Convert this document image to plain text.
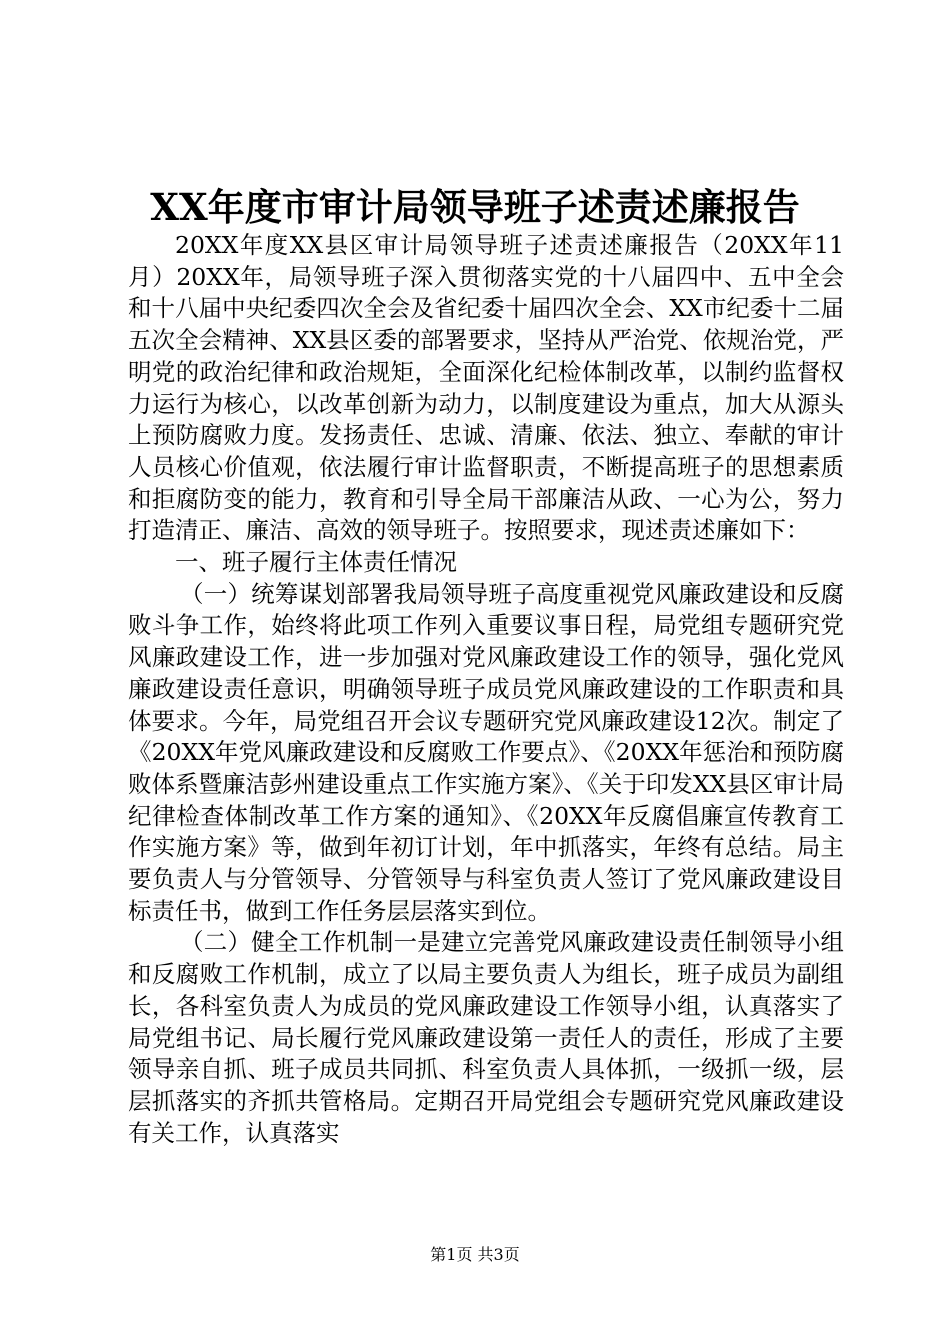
XX年度市审计局领导班子述责述廉报告

20XX年度XX县区审计局领导班子述责述廉报告（20XX年11月）20XX年，局领导班子深入贯彻落实党的十八届四中、五中全会和十八届中央纪委四次全会及省纪委十届四次全会、XX市纪委十二届五次全会精神、XX县区委的部署要求，坚持从严治党、依规治党，严明党的政治纪律和政治规矩，全面深化纪检体制改革，以制约监督权力运行为核心，以改革创新为动力，以制度建设为重点，加大从源头上预防腐败力度。发扬责任、忠诚、清廉、依法、独立、奉献的审计人员核心价值观，依法履行审计监督职责，不断提高班子的思想素质和拒腐防变的能力，教育和引导全局干部廉洁从政、一心为公，努力打造清正、廉洁、高效的领导班子。按照要求，现述责述廉如下：

一、班子履行主体责任情况

（一）统筹谋划部署我局领导班子高度重视党风廉政建设和反腐败斗争工作，始终将此项工作列入重要议事日程，局党组专题研究党风廉政建设工作，进一步加强对党风廉政建设工作的领导，强化党风廉政建设责任意识，明确领导班子成员党风廉政建设的工作职责和具体要求。今年，局党组召开会议专题研究党风廉政建设12次。制定了《20XX年党风廉政建设和反腐败工作要点》、《20XX年惩治和预防腐败体系暨廉洁彭州建设重点工作实施方案》、《关于印发XX县区审计局纪律检查体制改革工作方案的通知》、《20XX年反腐倡廉宣传教育工作实施方案》等，做到年初订计划，年中抓落实，年终有总结。局主要负责人与分管领导、分管领导与科室负责人签订了党风廉政建设目标责任书，做到工作任务层层落实到位。

（二）健全工作机制一是建立完善党风廉政建设责任制领导小组和反腐败工作机制，成立了以局主要负责人为组长，班子成员为副组长，各科室负责人为成员的党风廉政建设工作领导小组，认真落实了局党组书记、局长履行党风廉政建设第一责任人的责任，形成了主要领导亲自抓、班子成员共同抓、科室负责人具体抓，一级抓一级，层层抓落实的齐抓共管格局。定期召开局党组会专题研究党风廉政建设有关工作，认真落实

第1页 共3页
